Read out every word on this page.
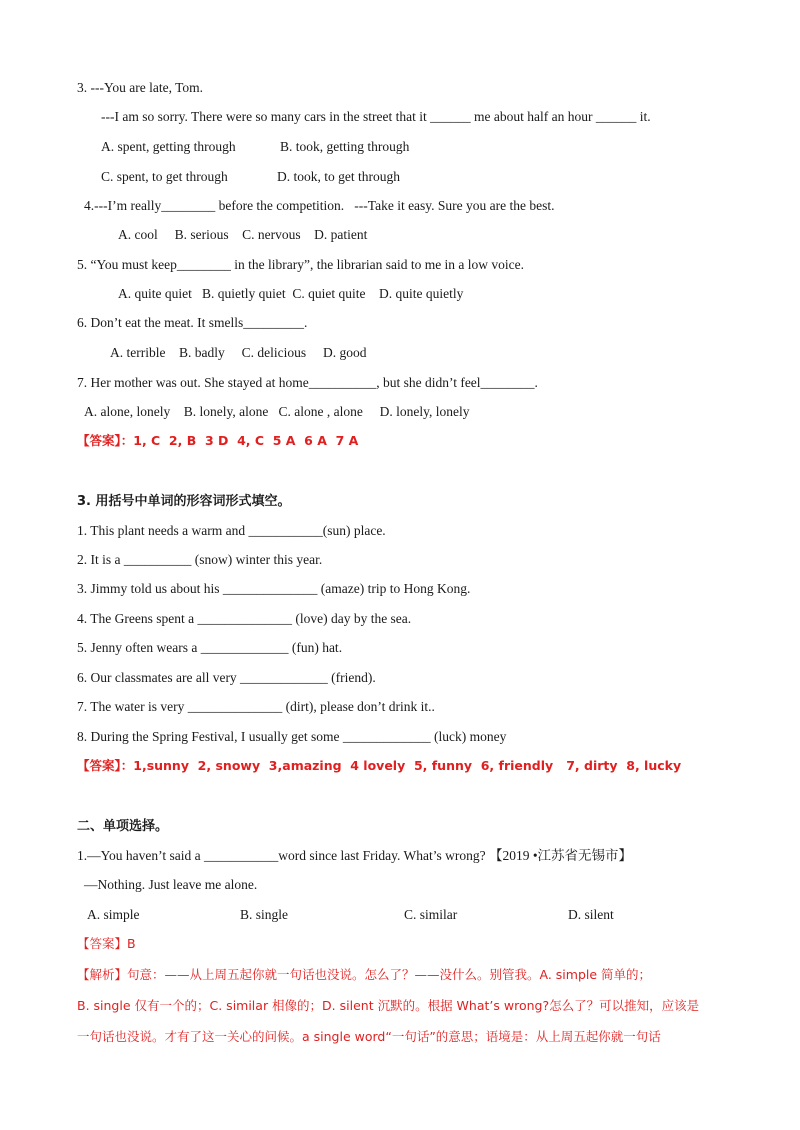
3. ---You are late, Tom.
---I am so sorry. There were so many cars in the street that it ______ me about half an hour ______ it.
A. spent, getting through	B. took, getting through
C. spent, to get through	D. took, to get through
4.---I’m really________ before the competition.   ---Take it easy. Sure you are the best.
A. cool     B. serious    C. nervous    D. patient
5. “You must keep________ in the library”, the librarian said to me in a low voice.
A. quite quiet   B. quietly quiet  C. quiet quite    D. quite quietly
6. Don’t eat the meat. It smells_________.
A. terrible    B. badly     C. delicious     D. good
7. Her mother was out. She stayed at home__________, but she didn’t feel________.
A. alone, lonely    B. lonely, alone   C. alone , alone     D. lonely, lonely
【答案】：1, C  2, B  3 D  4, C  5 A  6 A  7 A
3. 用括号中单词的形容词形式填空。
1. This plant needs a warm and ___________(sun) place.
2. It is a __________ (snow) winter this year.
3. Jimmy told us about his ______________ (amaze) trip to Hong Kong.
4. The Greens spent a ______________ (love) day by the sea.
5. Jenny often wears a _____________ (fun) hat.
6. Our classmates are all very _____________ (friend).
7. The water is very ______________ (dirt), please don’t drink it..
8. During the Spring Festival, I usually get some _____________ (luck) money
【答案】：1,sunny  2, snowy  3,amazing  4 lovely  5, funny  6, friendly   7, dirty  8, lucky
二、单项选择。
1.—You haven’t said a ___________word since last Friday. What’s wrong? 【2019 •江苏省无锡市】
—Nothing. Just leave me alone.
A. simple	B. single	C. similar	D. silent
【答案】B
【解析】句意：——从上周五起你就一句话也没说。怎么了？——没什么。别管我。A. simple 简单的；
B. single 仅有一个的；C. similar 相像的；D. silent 沉默的。根据 What’s wrong?怎么了？可以推知，应该是
一句话也没说。才有了这一关心的问候。a single word“一句话”的意思；语境是：从上周五起你就一句话
